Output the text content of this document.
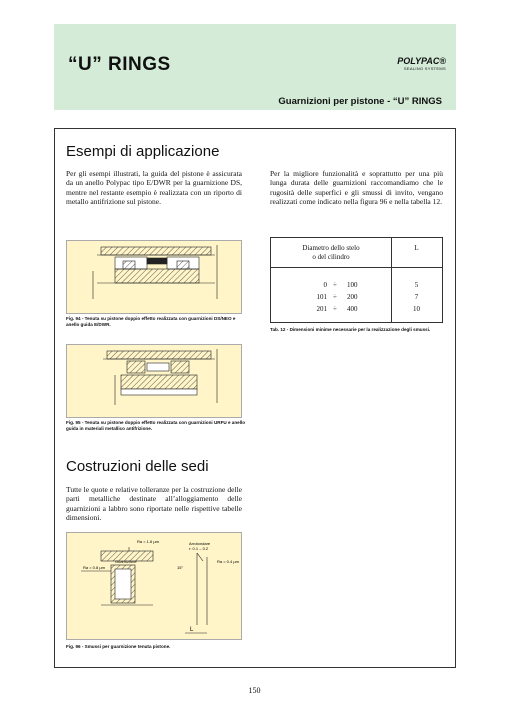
“U” RINGS	POLYPAC®
SEALING SYSTEMS
Guarnizioni per pistone - “U” RINGS
Esempi di applicazione
Per gli esempi illustrati, la guida del pistone è assicurata da un anello Polypac tipo E/DWR per la guarnizione DS, mentre nel restante esempio è realizzata con un riporto di metallo antifrizione sul pistone.
Per la migliore funzionalità e soprattutto per una più lunga durata delle guarnizioni raccomandiamo che le rugosità delle superfici e gli smussi di invito, vengano realizzati come indicato nella figura 96 e nella tabella 12.
Fig. 94 - Tenuta su pistone doppio effetto realizzata con guarnizioni DS/NEO e anello guida E/DWR.
Diametro dello stelo
o del cilindro
L
0 ÷ 100	5
101 ÷ 200	7
201 ÷ 400	10
Tab. 12 - Dimensioni minime necessarie per la realizzazione degli smussi.
Fig. 95 - Tenuta su pistone doppio effetto realizzata con guarnizioni URFU e anello guida in materiali metallico antifrizione.
Costruzioni delle sedi
Tutte le quote e relative tolleranze per la costruzione delle parti metalliche destinate all’alloggiamento delle guarnizioni a labbro sono riportate nelle rispettive tabelle dimensioni.
Ra = 1.6 µm
Guarnizione
Ra = 0.8 µm
Arrotondare
r: 0.1 – 0.2
Ra = 0.4 µm
15°
L
Fig. 96 - Smussi per guarnizione tenuta pistone.
150
